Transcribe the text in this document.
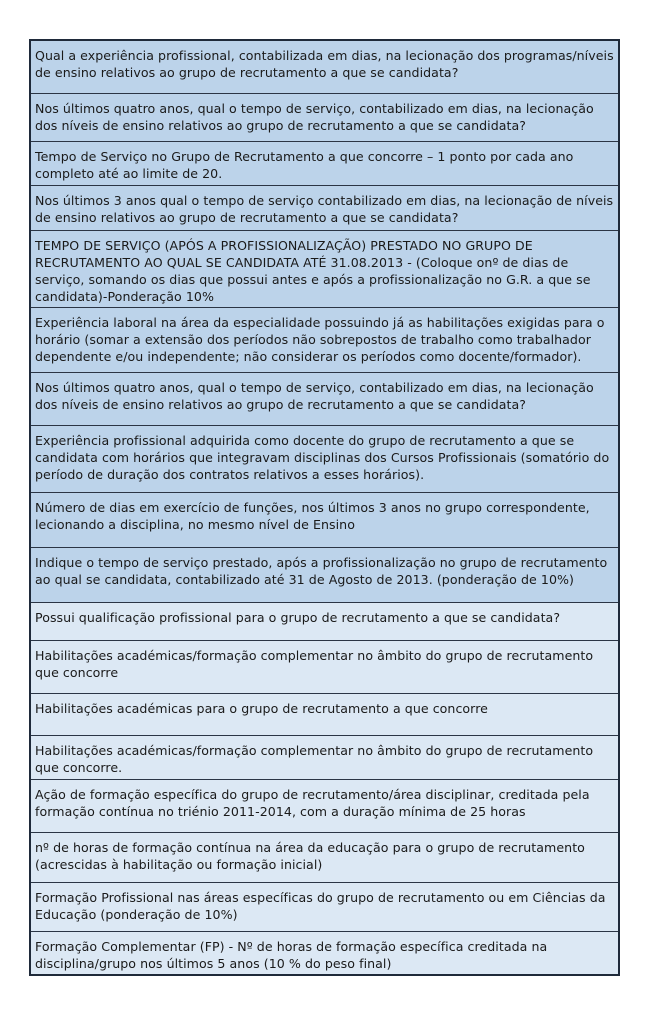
Qual a experiência profissional, contabilizada em dias, na lecionação dos programas/níveis de ensino relativos ao grupo de recrutamento a que se candidata?
Nos últimos quatro anos, qual o tempo de serviço, contabilizado em dias, na lecionação dos níveis de ensino relativos ao grupo de recrutamento a que se candidata?
Tempo de Serviço no Grupo de Recrutamento a que concorre – 1 ponto por cada ano completo até ao limite de 20.
Nos últimos 3 anos qual o tempo de serviço contabilizado em dias, na lecionação de níveis de ensino relativos ao grupo de recrutamento a que se candidata?
TEMPO DE SERVIÇO (APÓS A PROFISSIONALIZAÇÃO) PRESTADO NO GRUPO DE RECRUTAMENTO AO QUAL SE CANDIDATA ATÉ 31.08.2013 - (Coloque onº de dias de serviço, somando os dias que possui antes e após a profissionalização no G.R. a que se candidata)-Ponderação 10%
Experiência laboral na área da especialidade possuindo já as habilitações exigidas para o horário (somar a extensão dos períodos não sobrepostos de trabalho como trabalhador dependente e/ou independente; não considerar os períodos como docente/formador).
Nos últimos quatro anos, qual o tempo de serviço, contabilizado em dias, na lecionação dos níveis de ensino relativos ao grupo de recrutamento a que se candidata?
Experiência profissional adquirida como docente do grupo de recrutamento a que se candidata com horários que integravam disciplinas dos Cursos Profissionais (somatório do período de duração dos contratos relativos a esses horários).
Número de dias em exercício de funções, nos últimos 3 anos no grupo correspondente, lecionando a disciplina, no mesmo nível de Ensino
Indique o tempo de serviço prestado, após a profissionalização no grupo de recrutamento ao qual se candidata, contabilizado até 31 de Agosto de 2013. (ponderação de 10%)
Possui qualificação profissional para o grupo de recrutamento a que se candidata?
Habilitações académicas/formação complementar no âmbito do grupo de recrutamento que concorre
Habilitações académicas para o grupo de recrutamento a que concorre
Habilitações académicas/formação complementar no âmbito do grupo de recrutamento que concorre.
Ação de formação específica do grupo de recrutamento/área disciplinar, creditada pela formação contínua no triénio 2011-2014, com a duração mínima de 25 horas
nº de horas de formação contínua na área da educação para o grupo de recrutamento (acrescidas à habilitação ou formação inicial)
Formação Profissional nas áreas específicas do grupo de recrutamento ou em Ciências da Educação (ponderação de 10%)
Formação Complementar (FP) - Nº de horas de formação específica creditada na disciplina/grupo nos últimos 5 anos (10 % do peso final)
